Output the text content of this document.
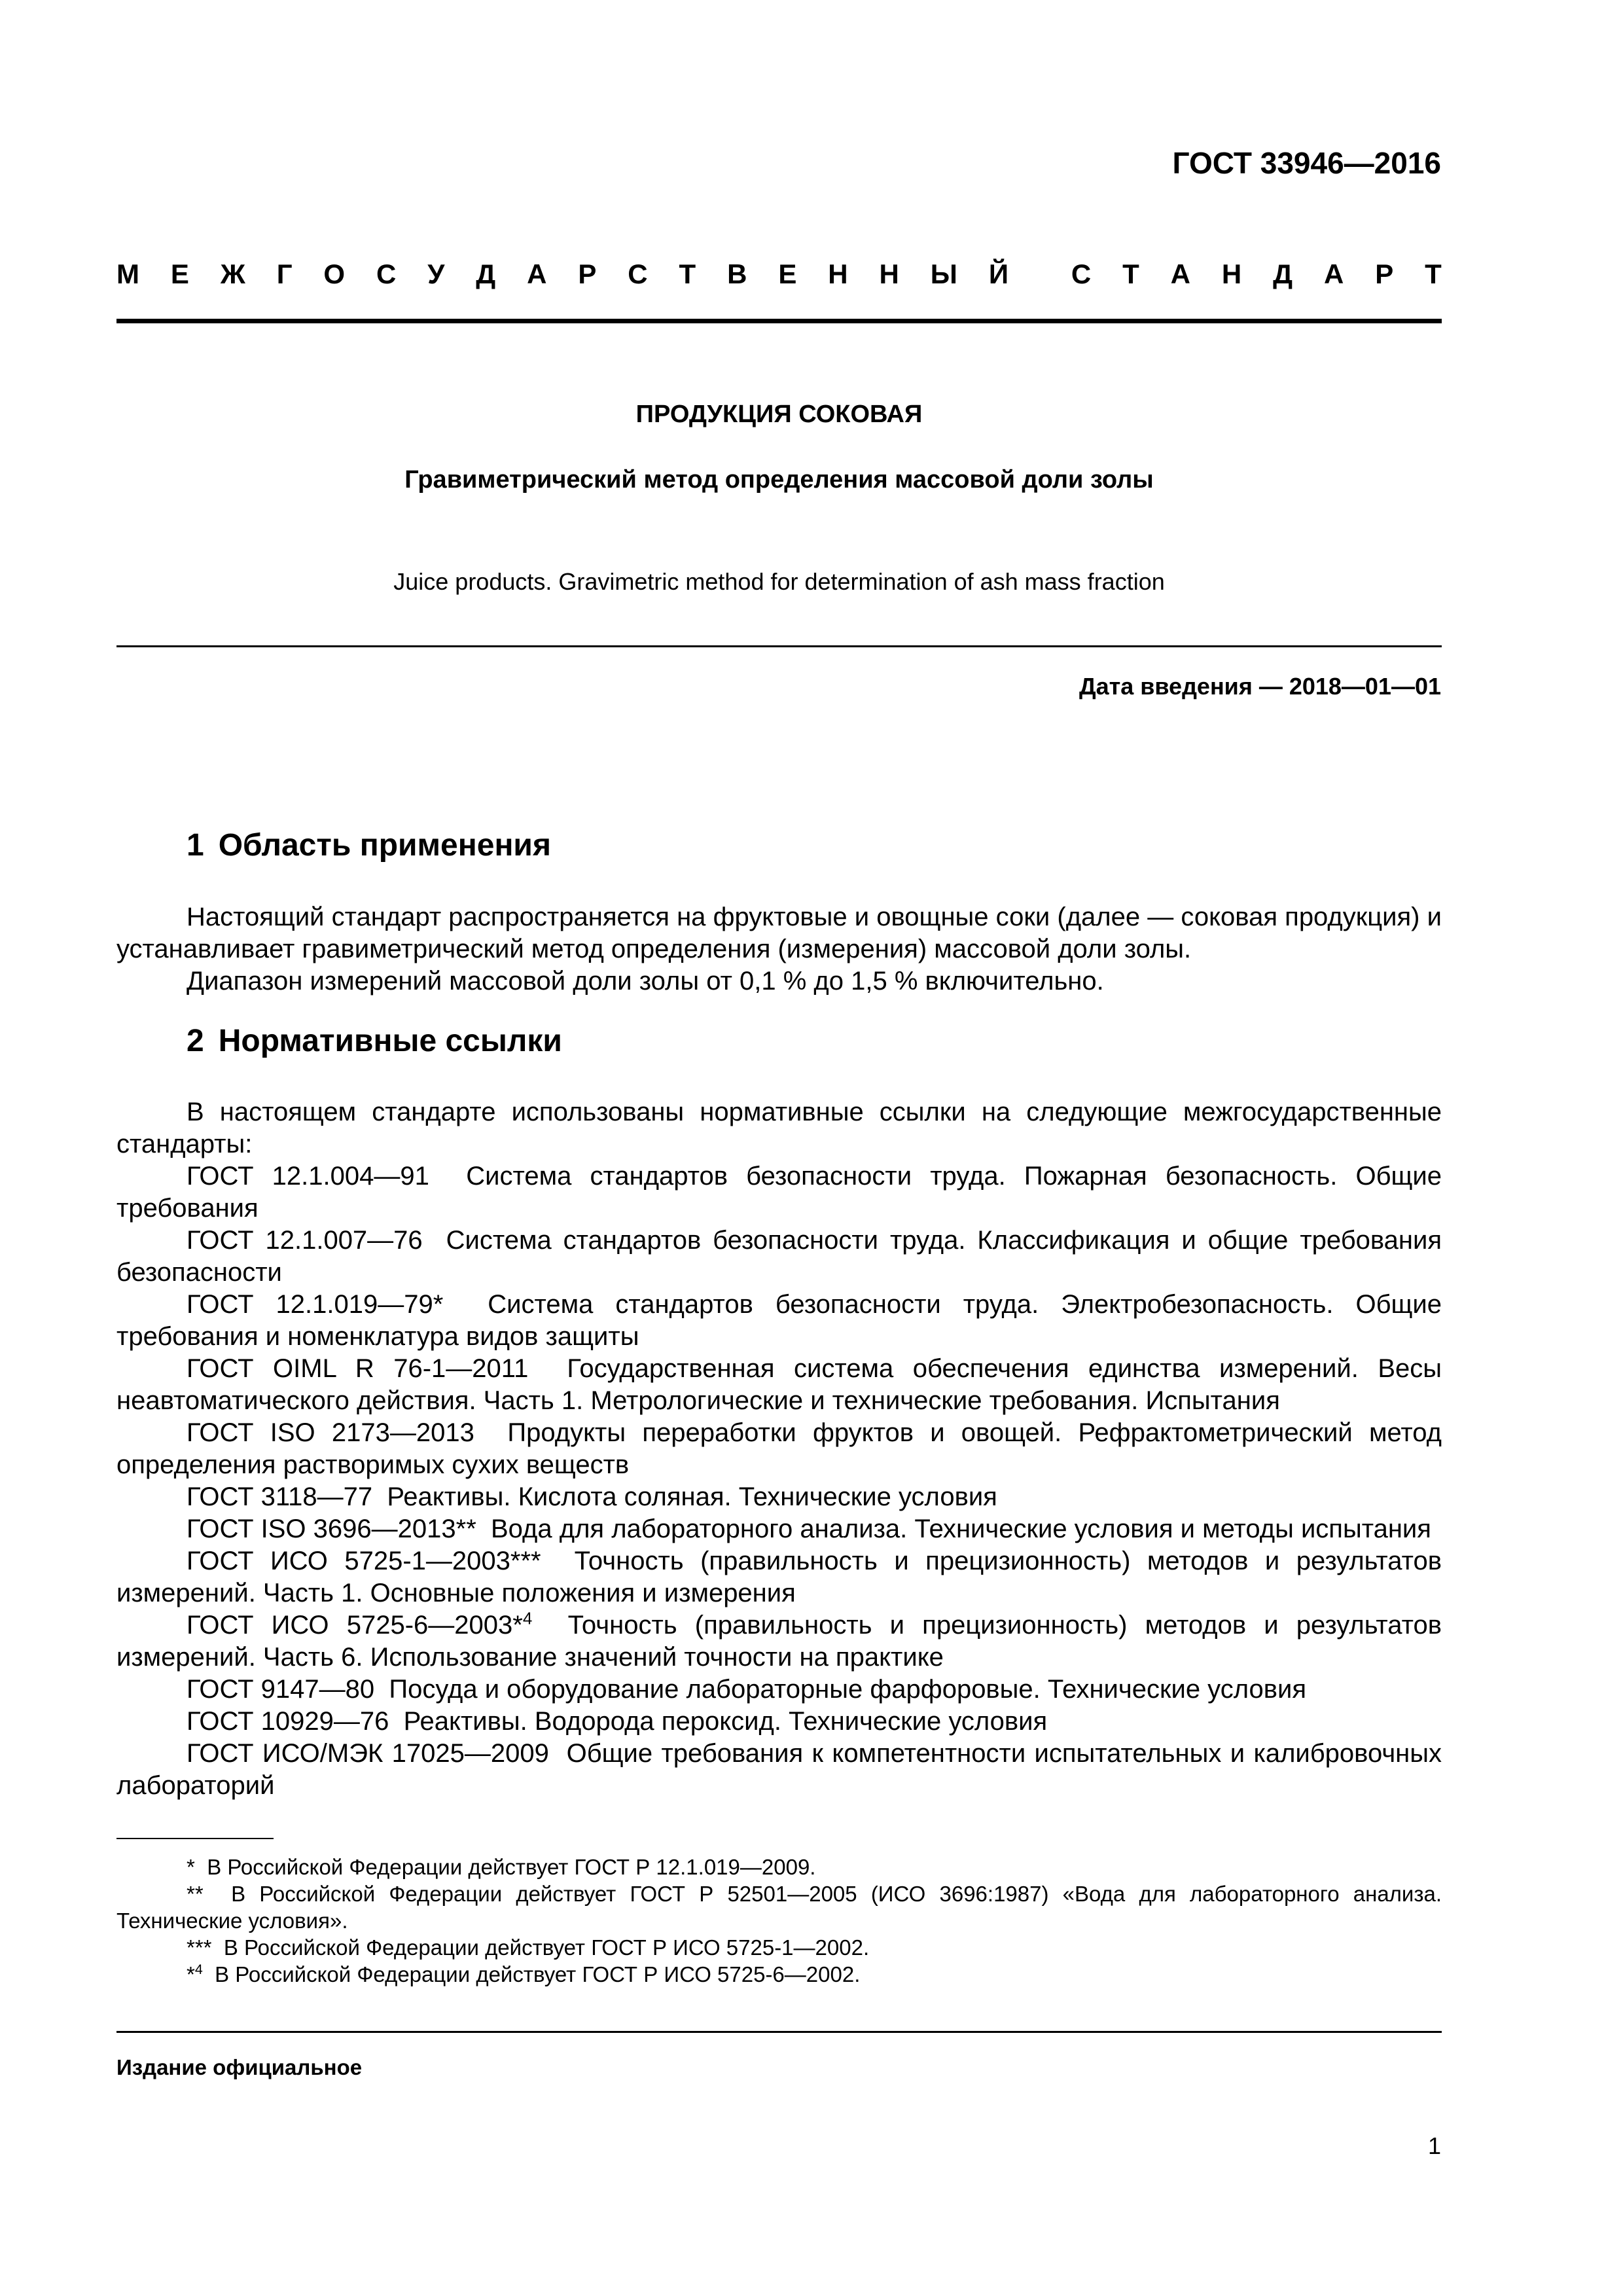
ГОСТ 33946—2016
М Е Ж Г О С У Д А Р С Т В Е Н Н Ы Й С Т А Н Д А Р Т
ПРОДУКЦИЯ СОКОВАЯ
Гравиметрический метод определения массовой доли золы
Juice products. Gravimetric method for determination of ash mass fraction
Дата введения — 2018—01—01
1 Область применения

Настоящий стандарт распространяется на фруктовые и овощные соки (далее — соковая продукция) и устанавливает гравиметрический метод определения (измерения) массовой доли золы.

Диапазон измерений массовой доли золы от 0,1 % до 1,5 % включительно.

2 Нормативные ссылки

В настоящем стандарте использованы нормативные ссылки на следующие межгосударственные стандарты:

ГОСТ 12.1.004—91 Система стандартов безопасности труда. Пожарная безопасность. Общие требования

ГОСТ 12.1.007—76 Система стандартов безопасности труда. Классификация и общие требования безопасности

ГОСТ 12.1.019—79* Система стандартов безопасности труда. Электробезопасность. Общие требования и номенклатура видов защиты

ГОСТ OIML R 76-1—2011 Государственная система обеспечения единства измерений. Весы неавтоматического действия. Часть 1. Метрологические и технические требования. Испытания

ГОСТ ISO 2173—2013 Продукты переработки фруктов и овощей. Рефрактометрический метод определения растворимых сухих веществ

ГОСТ 3118—77 Реактивы. Кислота соляная. Технические условия

ГОСТ ISO 3696—2013** Вода для лабораторного анализа. Технические условия и методы испытания

ГОСТ ИСО 5725-1—2003*** Точность (правильность и прецизионность) методов и результатов измерений. Часть 1. Основные положения и измерения

ГОСТ ИСО 5725-6—2003*$^4$ Точность (правильность и прецизионность) методов и результатов измерений. Часть 6. Использование значений точности на практике

ГОСТ 9147—80 Посуда и оборудование лабораторные фарфоровые. Технические условия

ГОСТ 10929—76 Реактивы. Водорода пероксид. Технические условия

ГОСТ ИСО/МЭК 17025—2009 Общие требования к компетентности испытательных и калибровочных лабораторий

* В Российской Федерации действует ГОСТ Р 12.1.019—2009.

** В Российской Федерации действует ГОСТ Р 52501—2005 (ИСО 3696:1987) «Вода для лабораторного анализа. Технические условия».

*** В Российской Федерации действует ГОСТ Р ИСО 5725-1—2002.

*$^4$ В Российской Федерации действует ГОСТ Р ИСО 5725-6—2002.

Издание официальное
1
